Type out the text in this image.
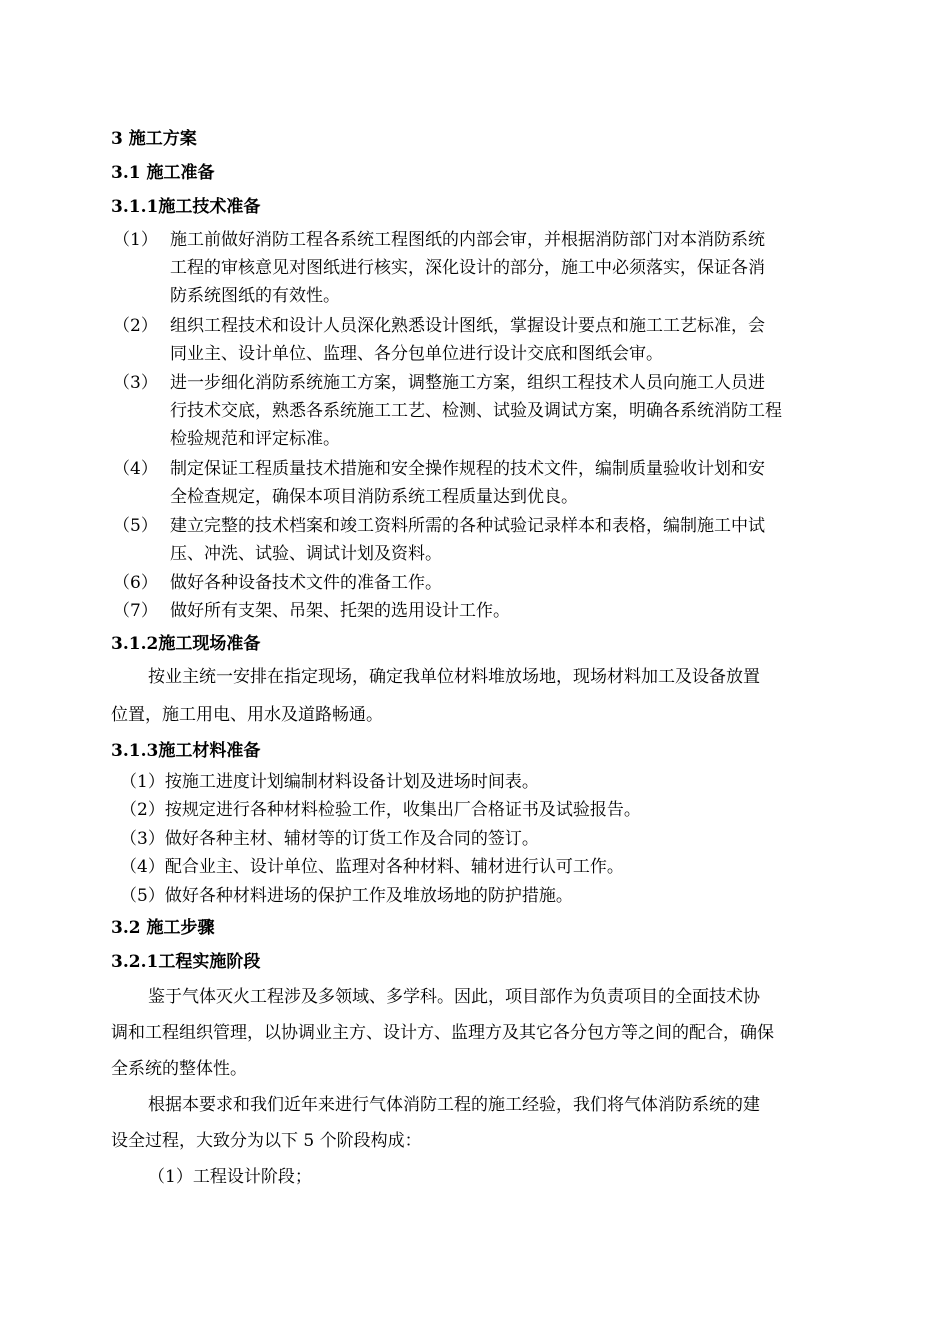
3 施工方案
3.1 施工准备
3.1.1施工技术准备
（1） 施工前做好消防工程各系统工程图纸的内部会审，并根据消防部门对本消防系统
工程的审核意见对图纸进行核实，深化设计的部分，施工中必须落实，保证各消
防系统图纸的有效性。
（2） 组织工程技术和设计人员深化熟悉设计图纸，掌握设计要点和施工工艺标准，会
同业主、设计单位、监理、各分包单位进行设计交底和图纸会审。
（3） 进一步细化消防系统施工方案，调整施工方案，组织工程技术人员向施工人员进
行技术交底，熟悉各系统施工工艺、检测、试验及调试方案，明确各系统消防工程
检验规范和评定标准。
（4） 制定保证工程质量技术措施和安全操作规程的技术文件，编制质量验收计划和安
全检查规定，确保本项目消防系统工程质量达到优良。
（5） 建立完整的技术档案和竣工资料所需的各种试验记录样本和表格，编制施工中试
压、冲洗、试验、调试计划及资料。
（6） 做好各种设备技术文件的准备工作。
（7） 做好所有支架、吊架、托架的选用设计工作。
3.1.2施工现场准备
按业主统一安排在指定现场，确定我单位材料堆放场地，现场材料加工及设备放置
位置，施工用电、用水及道路畅通。
3.1.3施工材料准备
（1）按施工进度计划编制材料设备计划及进场时间表。
（2）按规定进行各种材料检验工作，收集出厂合格证书及试验报告。
（3）做好各种主材、辅材等的订货工作及合同的签订。
（4）配合业主、设计单位、监理对各种材料、辅材进行认可工作。
（5）做好各种材料进场的保护工作及堆放场地的防护措施。
3.2 施工步骤
3.2.1工程实施阶段
鉴于气体灭火工程涉及多领域、多学科。因此，项目部作为负责项目的全面技术协
调和工程组织管理，以协调业主方、设计方、监理方及其它各分包方等之间的配合，确保
全系统的整体性。
根据本要求和我们近年来进行气体消防工程的施工经验，我们将气体消防系统的建
设全过程，大致分为以下 5 个阶段构成：
（1）工程设计阶段；
